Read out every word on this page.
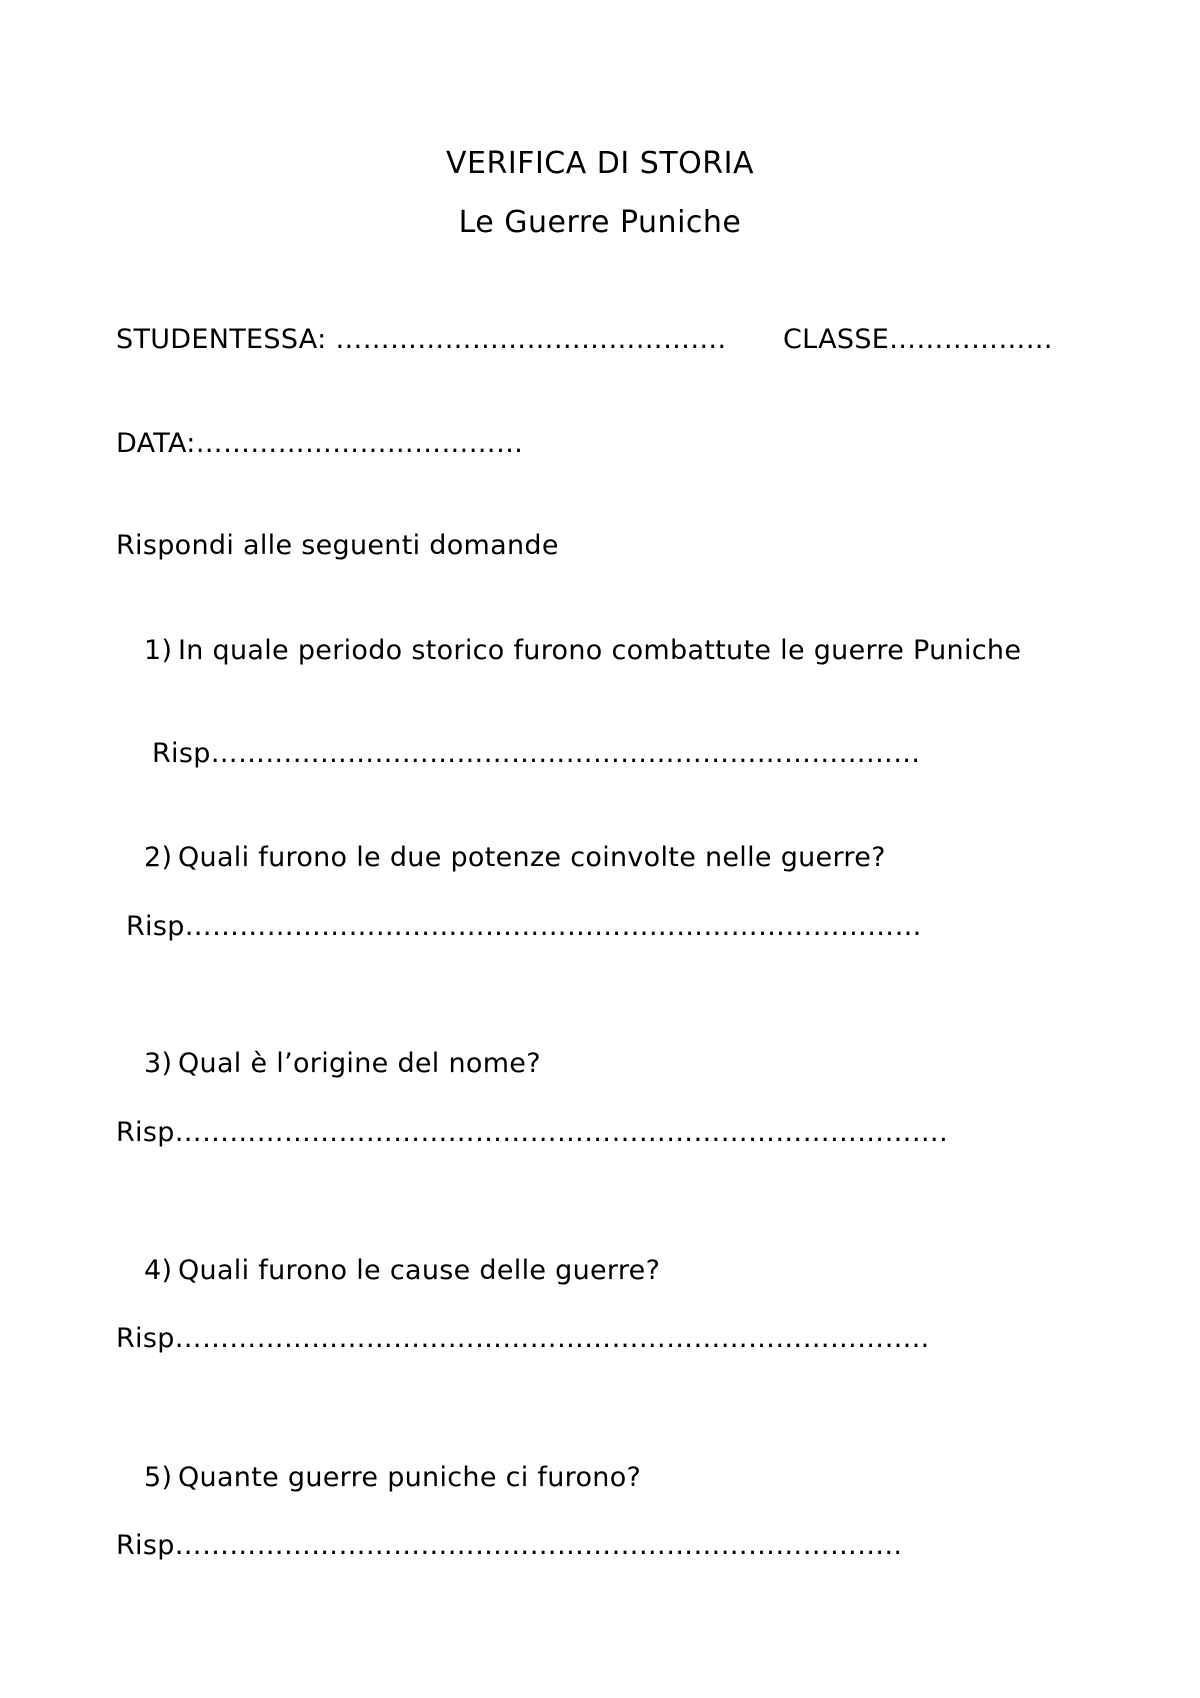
VERIFICA DI STORIA
Le Guerre Puniche
STUDENTESSA: ……………………………………. CLASSE………………
DATA:………………………………
Rispondi alle seguenti domande
1) In quale periodo storico furono combattute le guerre Puniche
Risp……………………………………………………………………
2) Quali furono le due potenze coinvolte nelle guerre?
Risp………………………………………………………………………
3) Qual è l’origine del nome?
Risp………………………………………………………………………….
4) Quali furono le cause delle guerre?
Risp………………………………………………………………………..
5) Quante guerre puniche ci furono?
Risp……………………………………………………………………..
